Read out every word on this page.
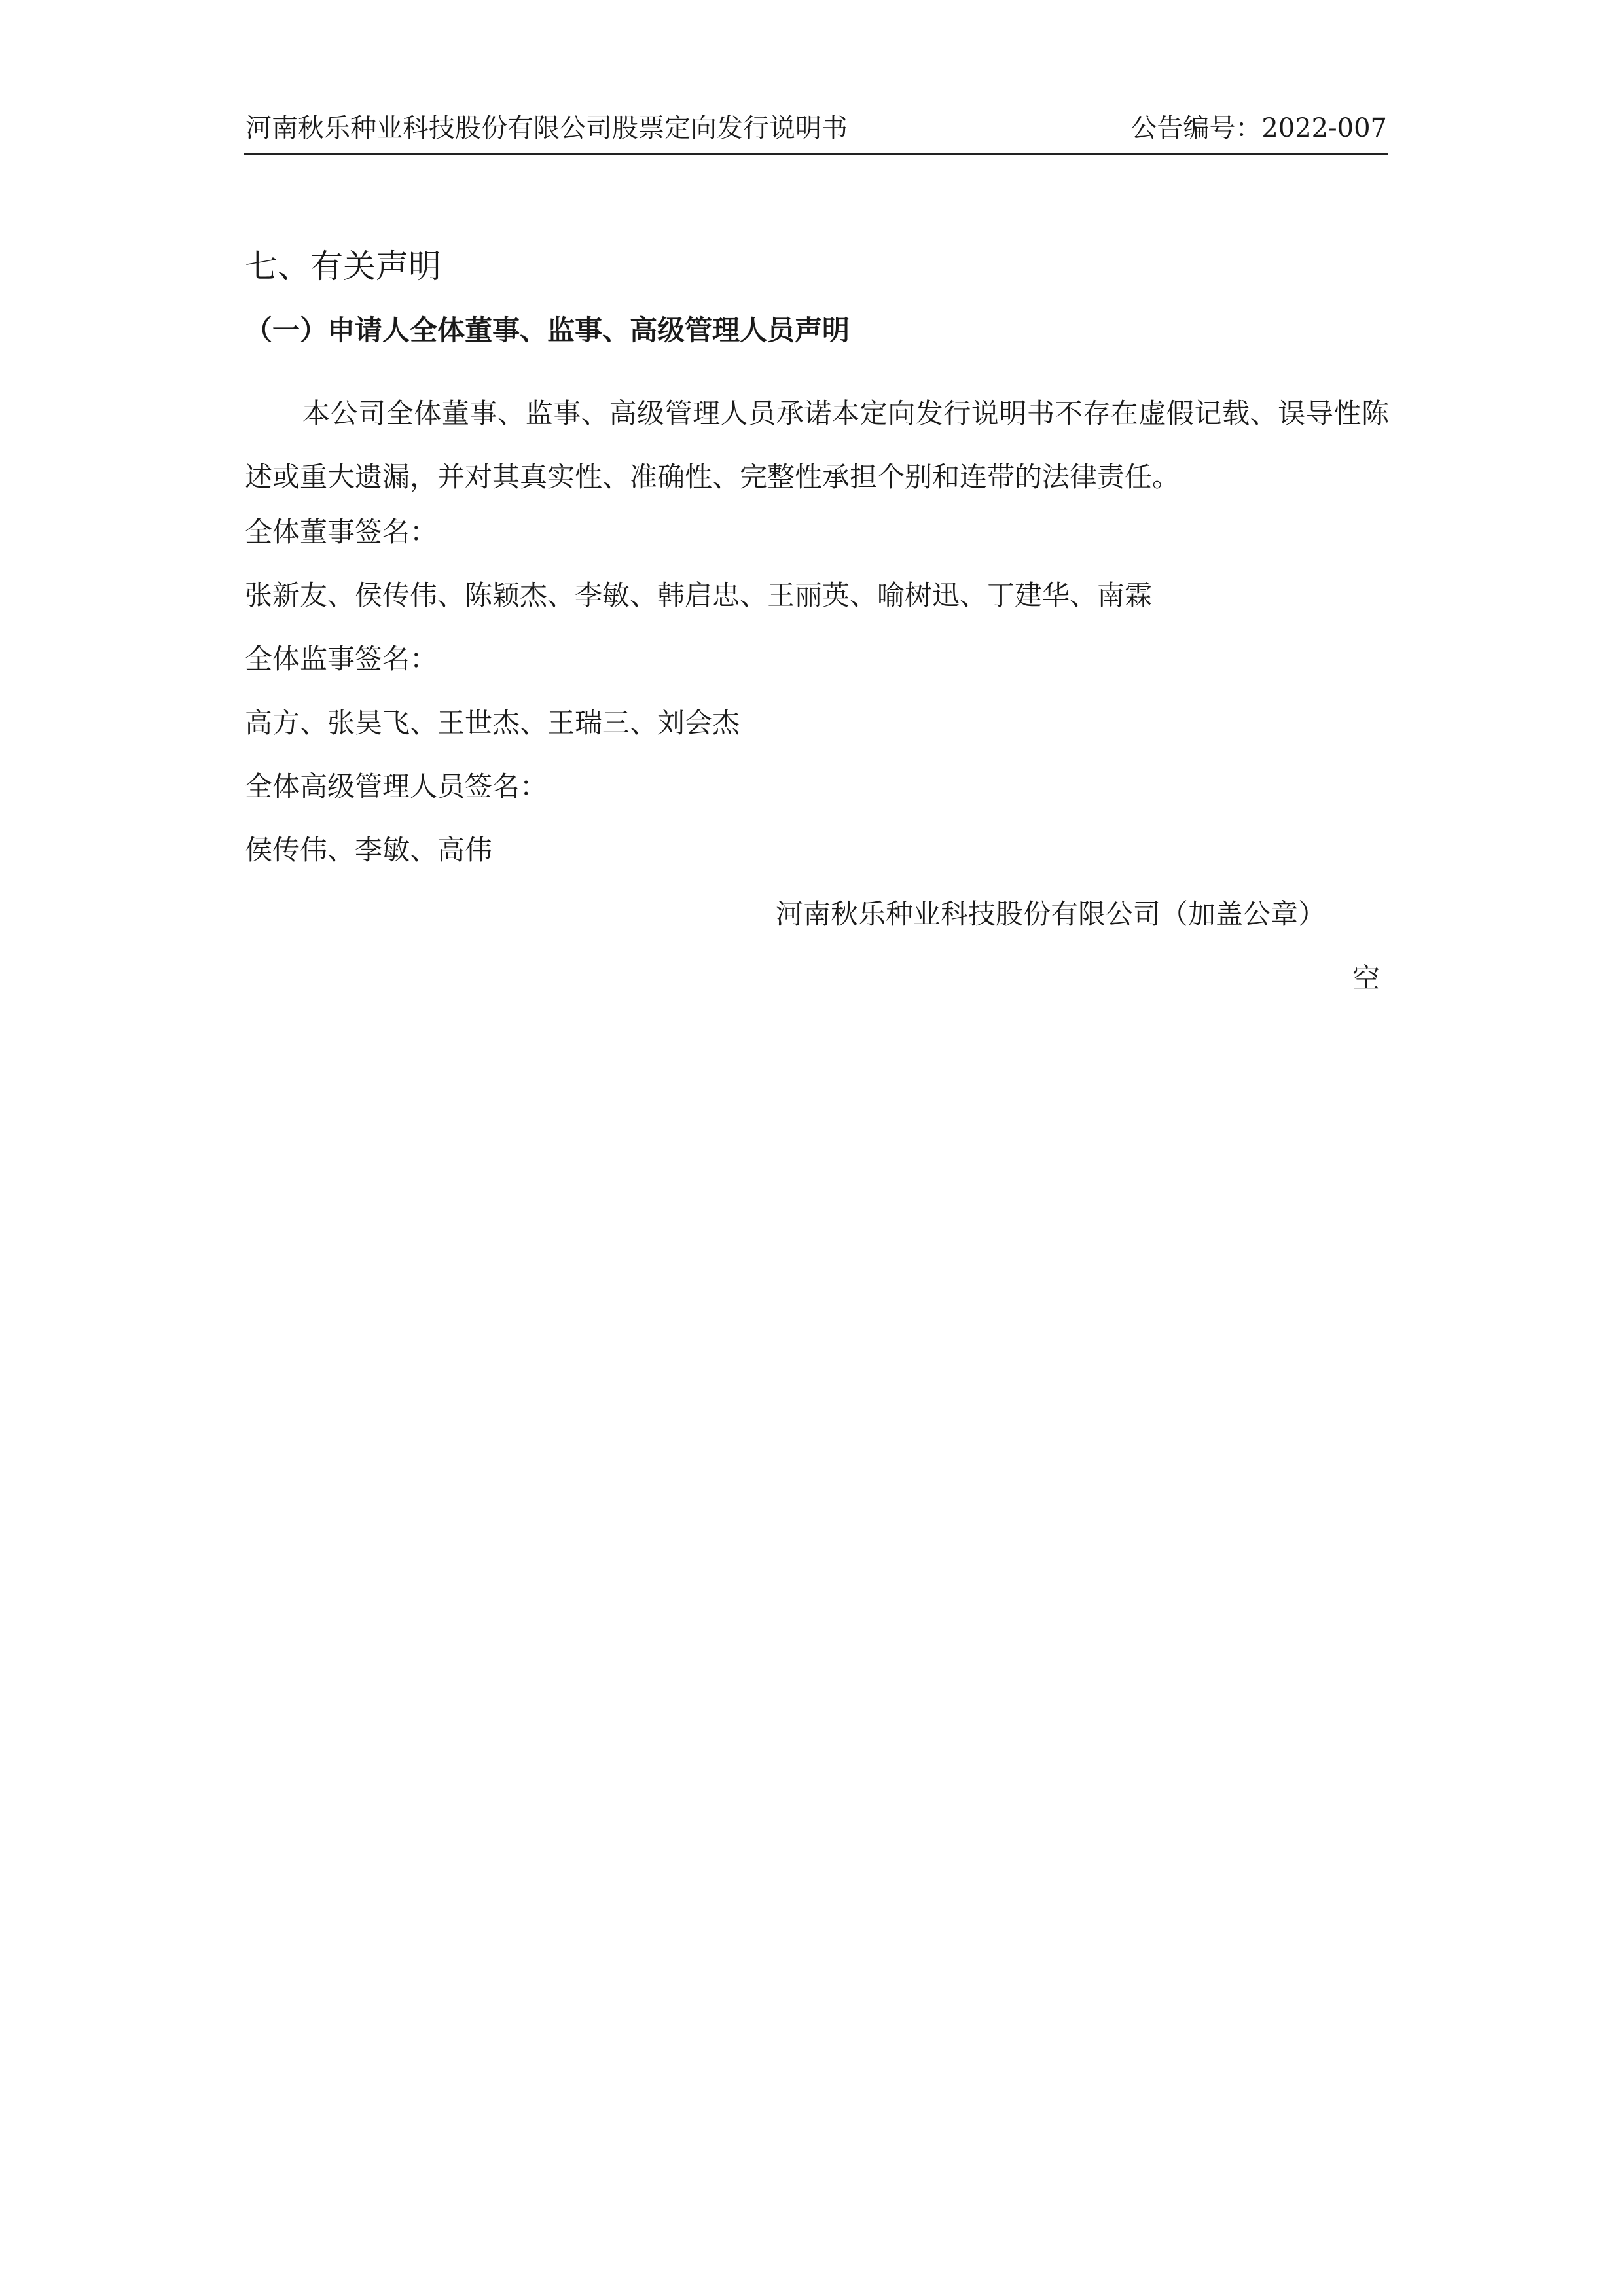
河南秋乐种业科技股份有限公司股票定向发行说明书	公告编号：2022-007
七、有关声明
（一）申请人全体董事、监事、高级管理人员声明

本公司全体董事、监事、高级管理人员承诺本定向发行说明书不存在虚假记载、误导性陈述或重大遗漏，并对其真实性、准确性、完整性承担个别和连带的法律责任。

全体董事签名：
张新友、侯传伟、陈颖杰、李敏、韩启忠、王丽英、喻树迅、丁建华、南霖
全体监事签名：
高方、张昊飞、王世杰、王瑞三、刘会杰
全体高级管理人员签名：
侯传伟、李敏、高伟
河南秋乐种业科技股份有限公司（加盖公章）
空
